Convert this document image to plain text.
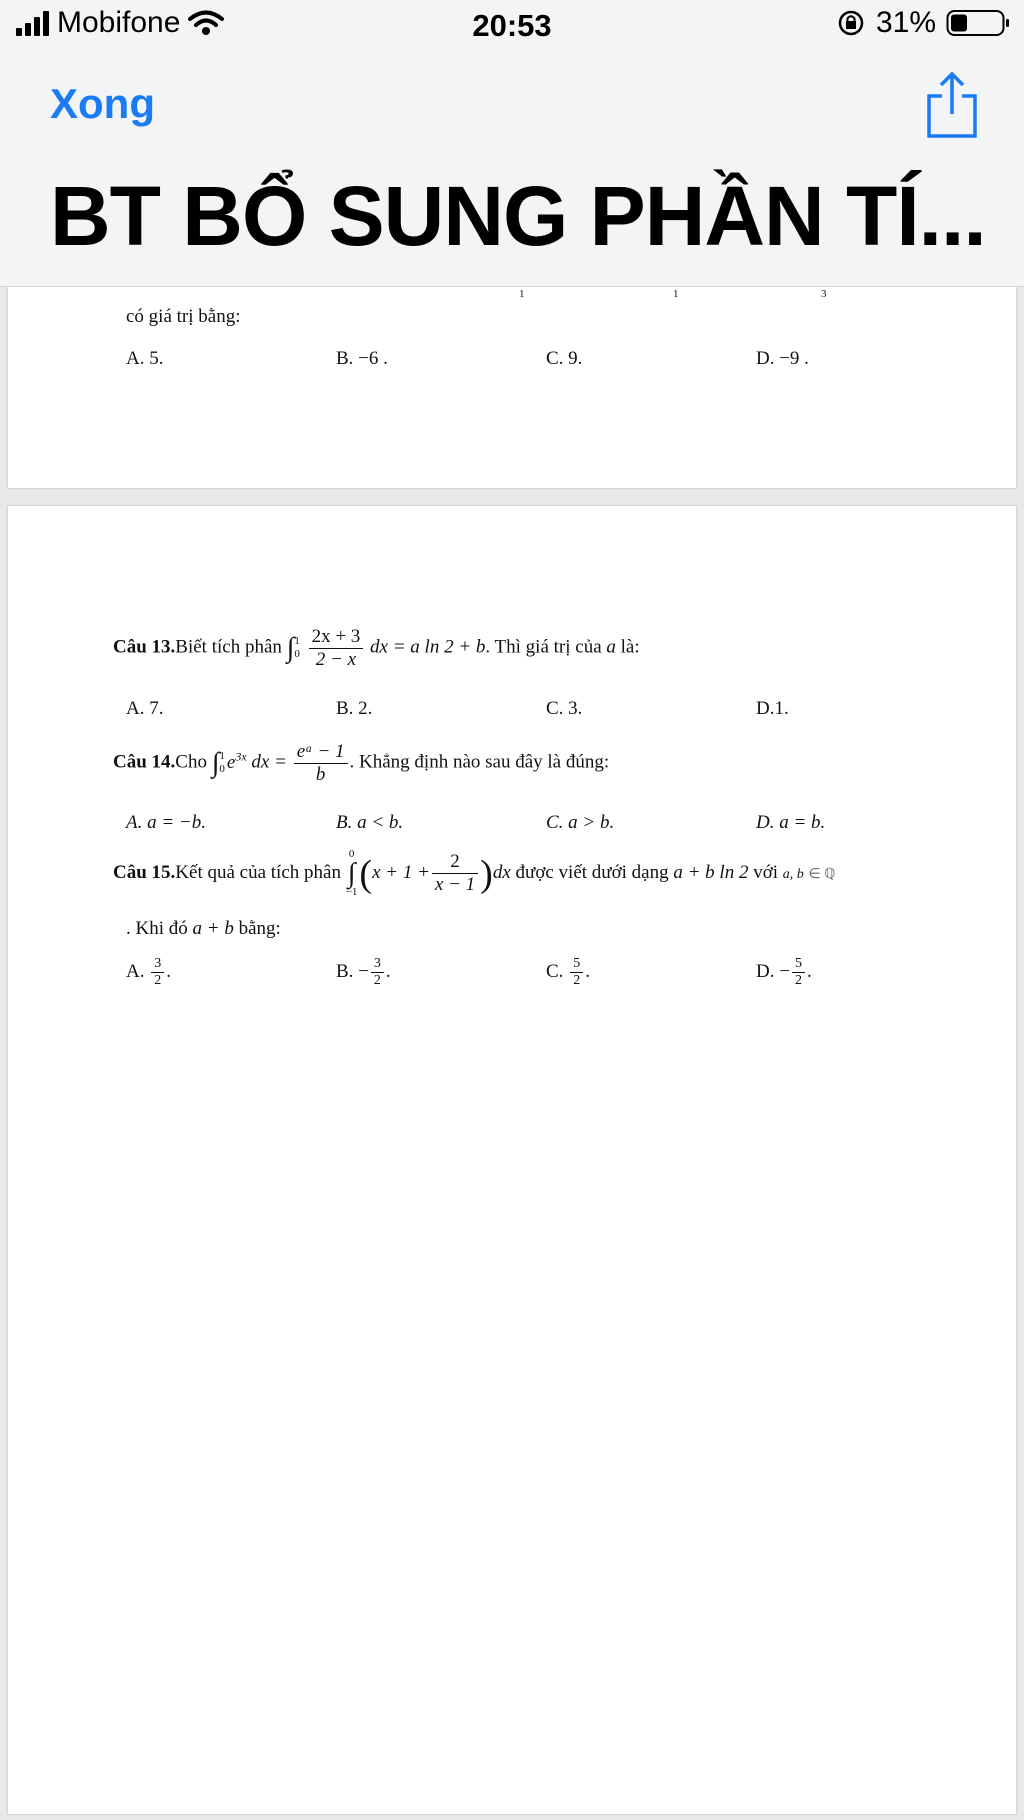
Mobifone	20:53	31%
Xong
BT BỔ SUNG PHẦN TÍ...
1	1	3
có giá trị bằng:
A. 5.	B. −6 .	C. 9.	D. −9 .
Câu 13.Biết tích phân ∫ 1
0
$\frac{2x + 3}{2 - x}$ dx = a ln 2 + b. Thì giá trị của a là:
A. 7.	B. 2.	C. 3.	D.1.
Câu 14.Cho ∫ 1
0 $e^{3x}$ dx = $\frac{\text{eᵃ − 1}}{b}$ . Khẳng định nào sau đây là đúng:
A. a = −b.	B. a < b.	C. a > b.	D. a = b.
Câu 15.Kết quả của tích phân
0
∫
−1 $(x + 1 + \frac{2}{x - 1} )dx$ được viết dưới dạng a + b ln 2 với a, b ∈ ℚ
. Khi đó a + b bằng:
A. $\frac{3}{2}$ .	B. − $\frac{3}{2}$ .	C. $\frac{5}{2}$ .	D. − $\frac{5}{2}$ .
